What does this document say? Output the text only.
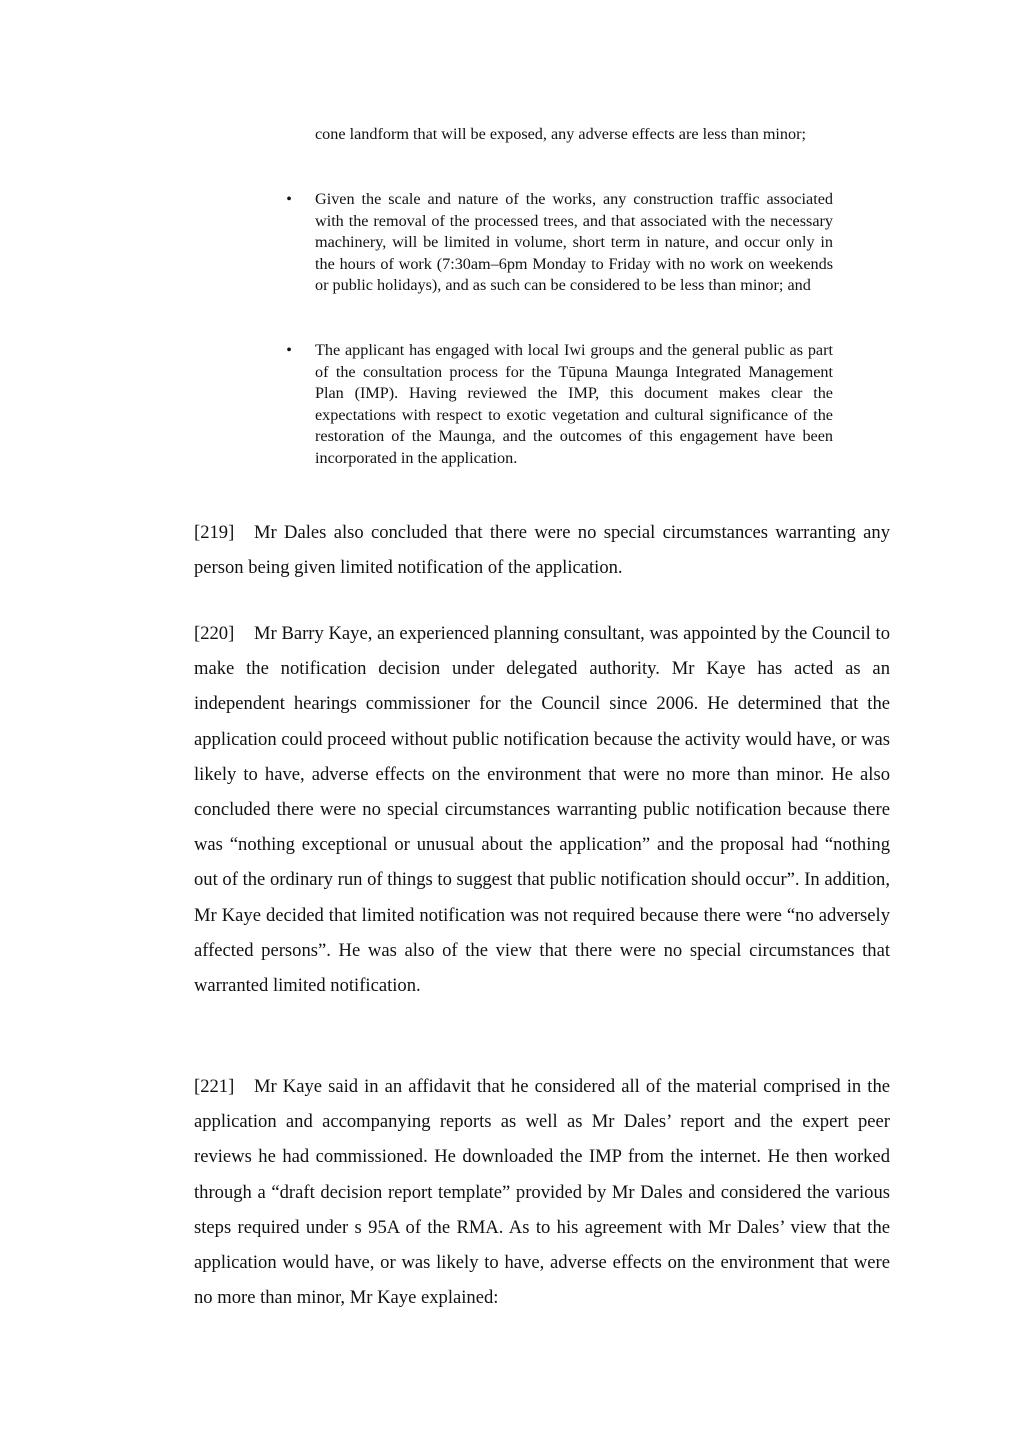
cone landform that will be exposed, any adverse effects are less than minor;
• Given the scale and nature of the works, any construction traffic associated with the removal of the processed trees, and that associated with the necessary machinery, will be limited in volume, short term in nature, and occur only in the hours of work (7:30am–6pm Monday to Friday with no work on weekends or public holidays), and as such can be considered to be less than minor; and
• The applicant has engaged with local Iwi groups and the general public as part of the consultation process for the Tūpuna Maunga Integrated Management Plan (IMP). Having reviewed the IMP, this document makes clear the expectations with respect to exotic vegetation and cultural significance of the restoration of the Maunga, and the outcomes of this engagement have been incorporated in the application.
[219] Mr Dales also concluded that there were no special circumstances warranting any person being given limited notification of the application.
[220] Mr Barry Kaye, an experienced planning consultant, was appointed by the Council to make the notification decision under delegated authority. Mr Kaye has acted as an independent hearings commissioner for the Council since 2006. He determined that the application could proceed without public notification because the activity would have, or was likely to have, adverse effects on the environment that were no more than minor. He also concluded there were no special circumstances warranting public notification because there was “nothing exceptional or unusual about the application” and the proposal had “nothing out of the ordinary run of things to suggest that public notification should occur”. In addition, Mr Kaye decided that limited notification was not required because there were “no adversely affected persons”. He was also of the view that there were no special circumstances that warranted limited notification.
[221] Mr Kaye said in an affidavit that he considered all of the material comprised in the application and accompanying reports as well as Mr Dales’ report and the expert peer reviews he had commissioned. He downloaded the IMP from the internet. He then worked through a “draft decision report template” provided by Mr Dales and considered the various steps required under s 95A of the RMA. As to his agreement with Mr Dales’ view that the application would have, or was likely to have, adverse effects on the environment that were no more than minor, Mr Kaye explained:
